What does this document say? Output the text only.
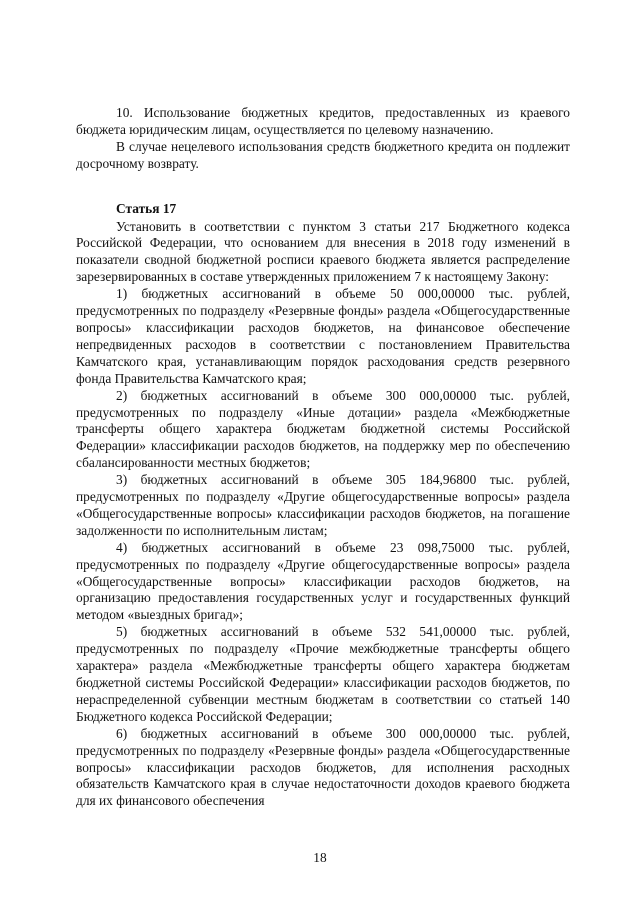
10. Использование бюджетных кредитов, предоставленных из краевого бюджета юридическим лицам, осуществляется по целевому назначению.

В случае нецелевого использования средств бюджетного кредита он подлежит досрочному возврату.

Статья 17

Установить в соответствии с пунктом 3 статьи 217 Бюджетного кодекса Российской Федерации, что основанием для внесения в 2018 году изменений в показатели сводной бюджетной росписи краевого бюджета является распределение зарезервированных в составе утвержденных приложением 7 к настоящему Закону:

1) бюджетных ассигнований в объеме 50 000,00000 тыс. рублей, предусмотренных по подразделу «Резервные фонды» раздела «Общегосударственные вопросы» классификации расходов бюджетов, на финансовое обеспечение непредвиденных расходов в соответствии с постановлением Правительства Камчатского края, устанавливающим порядок расходования средств резервного фонда Правительства Камчатского края;

2) бюджетных ассигнований в объеме 300 000,00000 тыс. рублей, предусмотренных по подразделу «Иные дотации» раздела «Межбюджетные трансферты общего характера бюджетам бюджетной системы Российской Федерации» классификации расходов бюджетов, на поддержку мер по обеспечению сбалансированности местных бюджетов;

3) бюджетных ассигнований в объеме 305 184,96800 тыс. рублей, предусмотренных по подразделу «Другие общегосударственные вопросы» раздела «Общегосударственные вопросы» классификации расходов бюджетов, на погашение задолженности по исполнительным листам;

4) бюджетных ассигнований в объеме 23 098,75000 тыс. рублей, предусмотренных по подразделу «Другие общегосударственные вопросы» раздела «Общегосударственные вопросы» классификации расходов бюджетов, на организацию предоставления государственных услуг и государственных функций методом «выездных бригад»;

5) бюджетных ассигнований в объеме 532 541,00000 тыс. рублей, предусмотренных по подразделу «Прочие межбюджетные трансферты общего характера» раздела «Межбюджетные трансферты общего характера бюджетам бюджетной системы Российской Федерации» классификации расходов бюджетов, по нераспределенной субвенции местным бюджетам в соответствии со статьей 140 Бюджетного кодекса Российской Федерации;

6) бюджетных ассигнований в объеме 300 000,00000 тыс. рублей, предусмотренных по подразделу «Резервные фонды» раздела «Общегосударственные вопросы» классификации расходов бюджетов, для исполнения расходных обязательств Камчатского края в случае недостаточности доходов краевого бюджета для их финансового обеспечения

18
